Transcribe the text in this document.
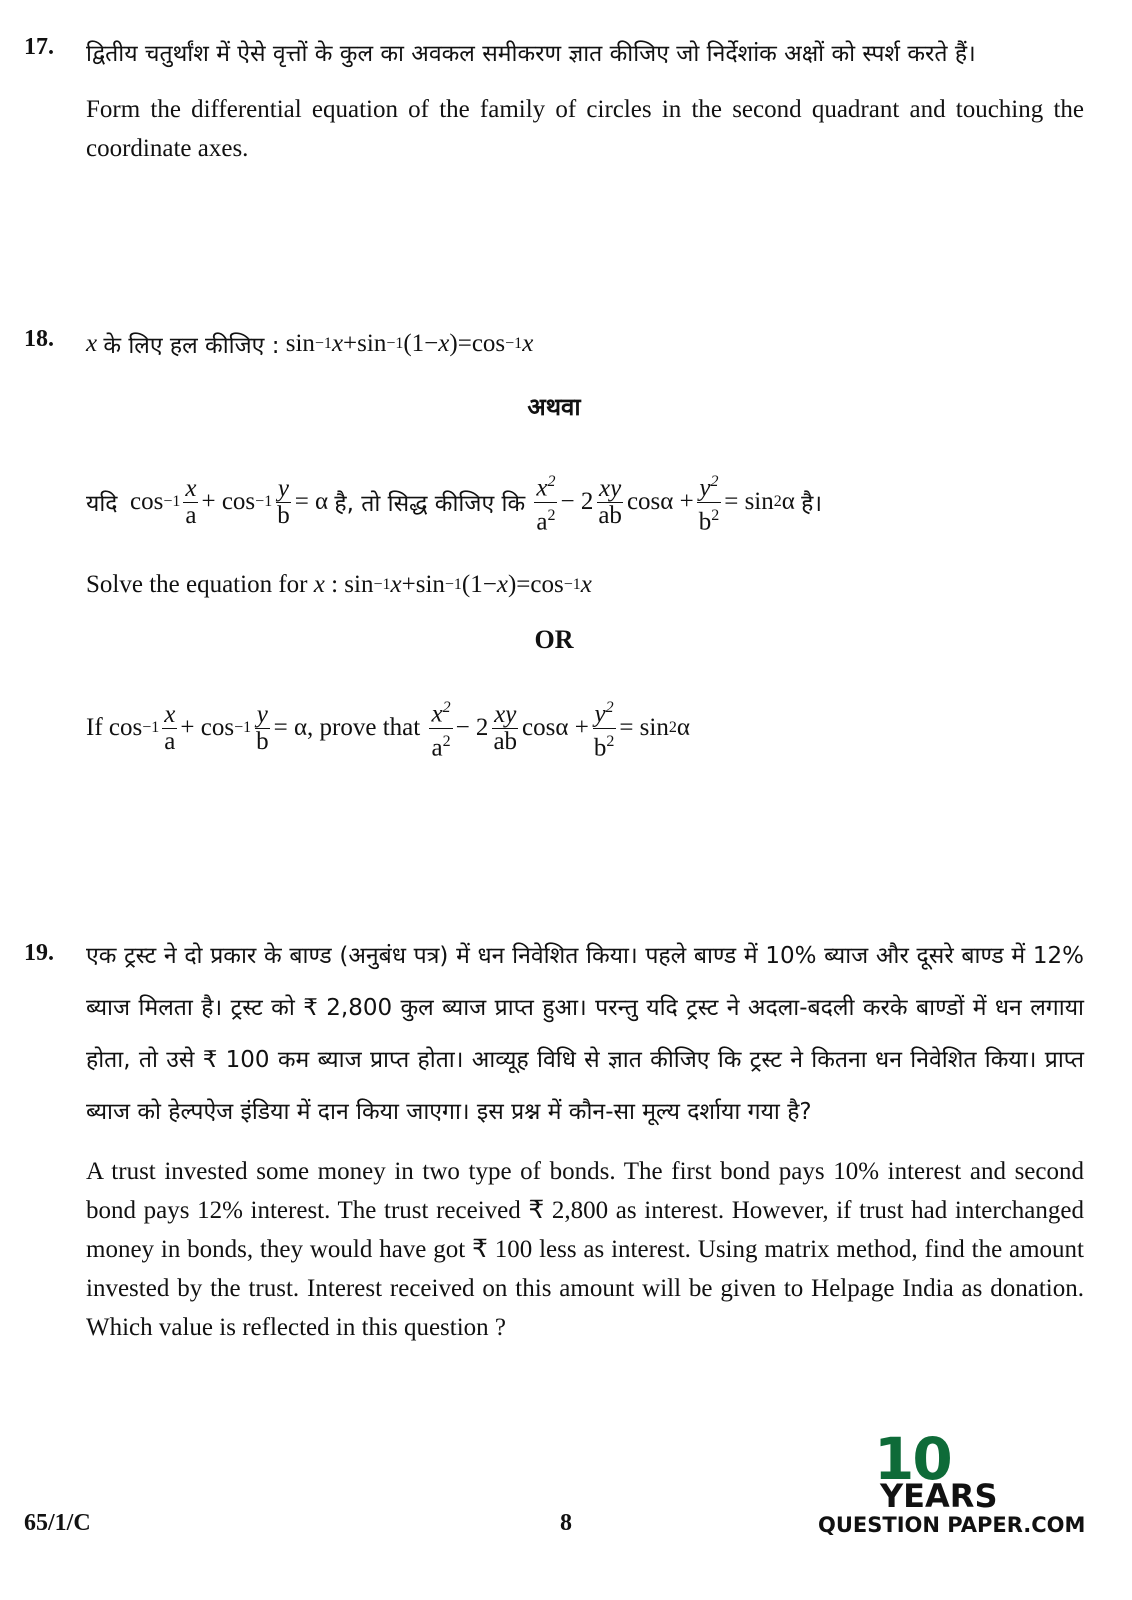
17. द्वितीय चतुर्थांश में ऐसे वृत्तों के कुल का अवकल समीकरण ज्ञात कीजिए जो निर्देशांक अक्षों को स्पर्श करते हैं।
Form the differential equation of the family of circles in the second quadrant and touching the coordinate axes.
18. x
के लिए हल कीजिए : sin −1 x +sin −1 (1− x )=cos −1 x
अथवा
यदि $\cos -1 \frac{x}{a} + \cos -1 \frac{y}{b} = \alpha$ है, तो सिद्ध कीजिए कि
$\frac{x^2}{a^2} - 2 \frac{xy}{ab}$ $\cos\alpha + \frac{y^2}{b^2} = \sin 2$ α है।
Solve the equation for
x : sin −1 x +sin −1 (1− x )=cos −1 x
OR
If $\cos -1 \frac{x}{a} + \cos -1 \frac{y}{b} = \alpha$ , prove that
$\frac{x^2}{a^2} - 2 \frac{xy}{ab}$ $\cos\alpha + \frac{y^2}{b^2} = \sin 2$ α
19. एक ट्रस्ट ने दो प्रकार के बाण्ड (अनुबंध पत्र) में धन निवेशित किया। पहले बाण्ड में 10% ब्याज और दूसरे बाण्ड में 12% ब्याज मिलता है। ट्रस्ट को ₹ 2,800 कुल ब्याज प्राप्त हुआ। परन्तु यदि ट्रस्ट ने अदला-बदली करके बाण्डों में धन लगाया होता, तो उसे ₹ 100 कम ब्याज प्राप्त होता। आव्यूह विधि से ज्ञात कीजिए कि ट्रस्ट ने कितना धन निवेशित किया। प्राप्त ब्याज को हेल्पऐज इंडिया में दान किया जाएगा। इस प्रश्न में कौन-सा मूल्य दर्शाया गया है?
A trust invested some money in two type of bonds. The first bond pays 10% interest and second bond pays 12% interest. The trust received ₹ 2,800 as interest. However, if trust had interchanged money in bonds, they would have got ₹ 100 less as interest. Using matrix method, find the amount invested by the trust. Interest received on this amount will be given to Helpage India as donation. Which value is reflected in this question ?
65/1/C	8
10
YEARS
QUESTION PAPER.COM
